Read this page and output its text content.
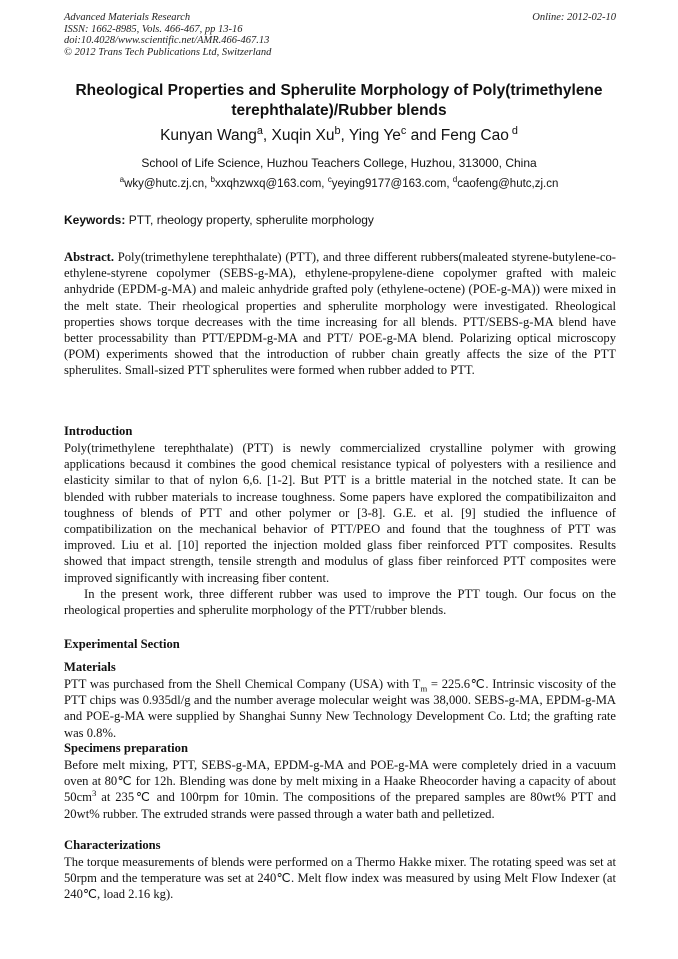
Advanced Materials Research
ISSN: 1662-8985, Vols. 466-467, pp 13-16
doi:10.4028/www.scientific.net/AMR.466-467.13
© 2012 Trans Tech Publications Ltd, Switzerland
Online: 2012-02-10
Rheological Properties and Spherulite Morphology of Poly(trimethylene
terephthalate)/Rubber blends
Kunyan Wang$^a$, Xuqin Xu$^b$, Ying Ye$^c$ and Feng Cao $^d$
School of Life Science, Huzhou Teachers College, Huzhou, 313000, China
$^a$wky@hutc.zj.cn, $^b$xxqhzwxq@163.com, $^c$yeying9177@163.com, $^d$caofeng@hutc,zj.cn
Keywords: PTT, rheology property, spherulite morphology
Abstract. Poly(trimethylene terephthalate) (PTT), and three different rubbers(maleated styrene-butylene-co-ethylene-styrene copolymer (SEBS-g-MA), ethylene-propylene-diene copolymer grafted with maleic anhydride (EPDM-g-MA) and maleic anhydride grafted poly (ethylene-octene) (POE-g-MA)) were mixed in the melt state. Their rheological properties and spherulite morphology were investigated. Rheological properties shows torque decreases with the time increasing for all blends. PTT/SEBS-g-MA blend have better processability than PTT/EPDM-g-MA and PTT/ POE-g-MA blend. Polarizing optical microscopy (POM) experiments showed that the introduction of rubber chain greatly affects the size of the PTT spherulites. Small-sized PTT spherulites were formed when rubber added to PTT.
Introduction

Poly(trimethylene terephthalate) (PTT) is newly commercialized crystalline polymer with growing applications becausd it combines the good chemical resistance typical of polyesters with a resilience and elasticity similar to that of nylon 6,6. [1-2]. But PTT is a brittle material in the notched state. It can be blended with rubber materials to increase toughness. Some papers have explored the compatibilizaiton and toughness of blends of PTT and other polymer or [3-8]. G.E. et al. [9] studied the influence of compatibilization on the mechanical behavior of PTT/PEO and found that the toughness of PTT was improved. Liu et al. [10] reported the injection molded glass fiber reinforced PTT composites. Results showed that impact strength, tensile strength and modulus of glass fiber reinforced PTT composites were improved significantly with increasing fiber content.

In the present work, three different rubber was used to improve the PTT tough. Our focus on the rheological properties and spherulite morphology of the PTT/rubber blends.

Experimental Section
Materials
PTT was purchased from the Shell Chemical Company (USA) with $T_m$ = 225.6℃. Intrinsic viscosity of the PTT chips was 0.935dl/g and the number average molecular weight was 38,000. SEBS-g-MA, EPDM-g-MA and POE-g-MA were supplied by Shanghai Sunny New Technology Development Co. Ltd; the grafting rate was 0.8%.
Specimens preparation
Before melt mixing, PTT, SEBS-g-MA, EPDM-g-MA and POE-g-MA were completely dried in a vacuum oven at 80℃ for 12h. Blending was done by melt mixing in a Haake Rheocorder having a capacity of about $50cm^3$ at 235℃ and 100rpm for 10min. The compositions of the prepared samples are 80wt% PTT and 20wt% rubber. The extruded strands were passed through a water bath and pelletized.
Characterizations
The torque measurements of blends were performed on a Thermo Hakke mixer. The rotating speed was set at 50rpm and the temperature was set at 240℃. Melt flow index was measured by using Melt Flow Indexer (at 240℃, load 2.16 kg).
